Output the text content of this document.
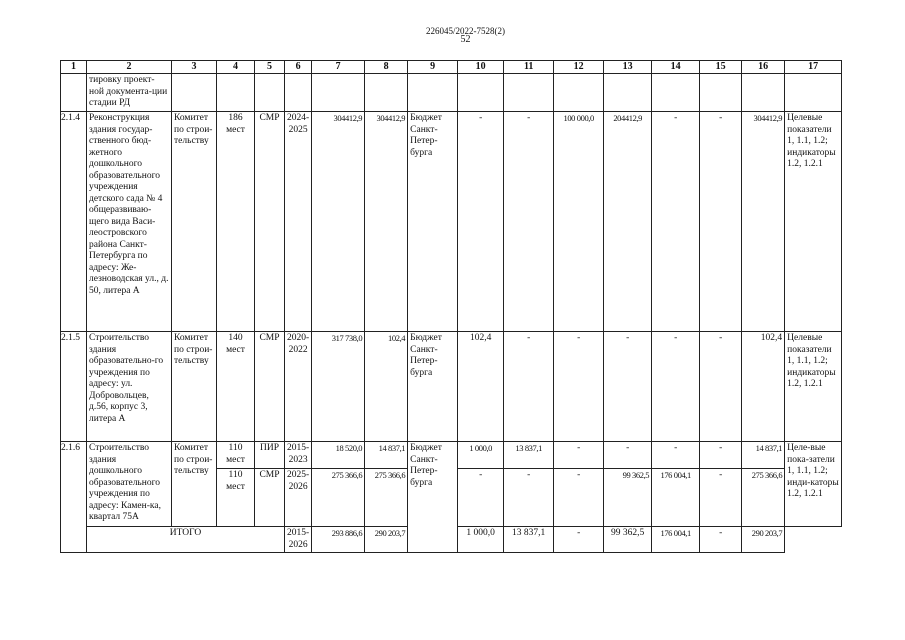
226045/2022-7528(2)
52
1	2	3	4	5	6	7	8	9	10	11	12	13	14	15	16	17
	тировку проект-ной документа-ции стадии РД															
2.1.4	Реконструкция здания государ-ственного бюд-жетного дошкольного образовательного учреждения детского сада № 4 общеразвиваю-щего вида Васи-леостровского района Санкт-Петербурга по адресу: Же-лезноводская ул., д. 50, литера А	Комитет по строи-тельству	186 мест	СМР	2024-2025	304412,9	304412,9	Бюджет Санкт-Петер-бурга	-	-	100 000,0	204412,9	-	-	304412,9	Целевые показатели 1, 1.1, 1.2; индикаторы 1.2, 1.2.1
2.1.5	Строительство здания образовательно-го учреждения по адресу: ул. Добровольцев, д.56, корпус 3, литера А	Комитет по строи-тельству	140 мест	СМР	2020-2022	317 738,0	102,4	Бюджет Санкт-Петер-бурга	102,4	-	-	-	-	-	102,4	Целевые показатели 1, 1.1, 1.2; индикаторы 1.2, 1.2.1
2.1.6	Строительство здания дошкольного образовательного учреждения по адресу: Камен-ка, квартал 75А	Комитет по строи-тельству	110 мест	ПИР	2015-2023	18 520,0	14 837,1	Бюджет Санкт-Петер-бурга	1 000,0	13 837,1	-	-	-	-	14 837,1	Целе-вые пока-затели 1, 1.1, 1.2; инди-каторы 1.2, 1.2.1
			110 мест	СМР	2025-2026	275 366,6	275 366,6		-	-	-	99 362,5	176 004,1	-	275 366,6	
	ИТОГО				2015-2026	293 886,6	290 203,7		1 000,0	13 837,1	-	99 362,5	176 004,1	-	290 203,7	
